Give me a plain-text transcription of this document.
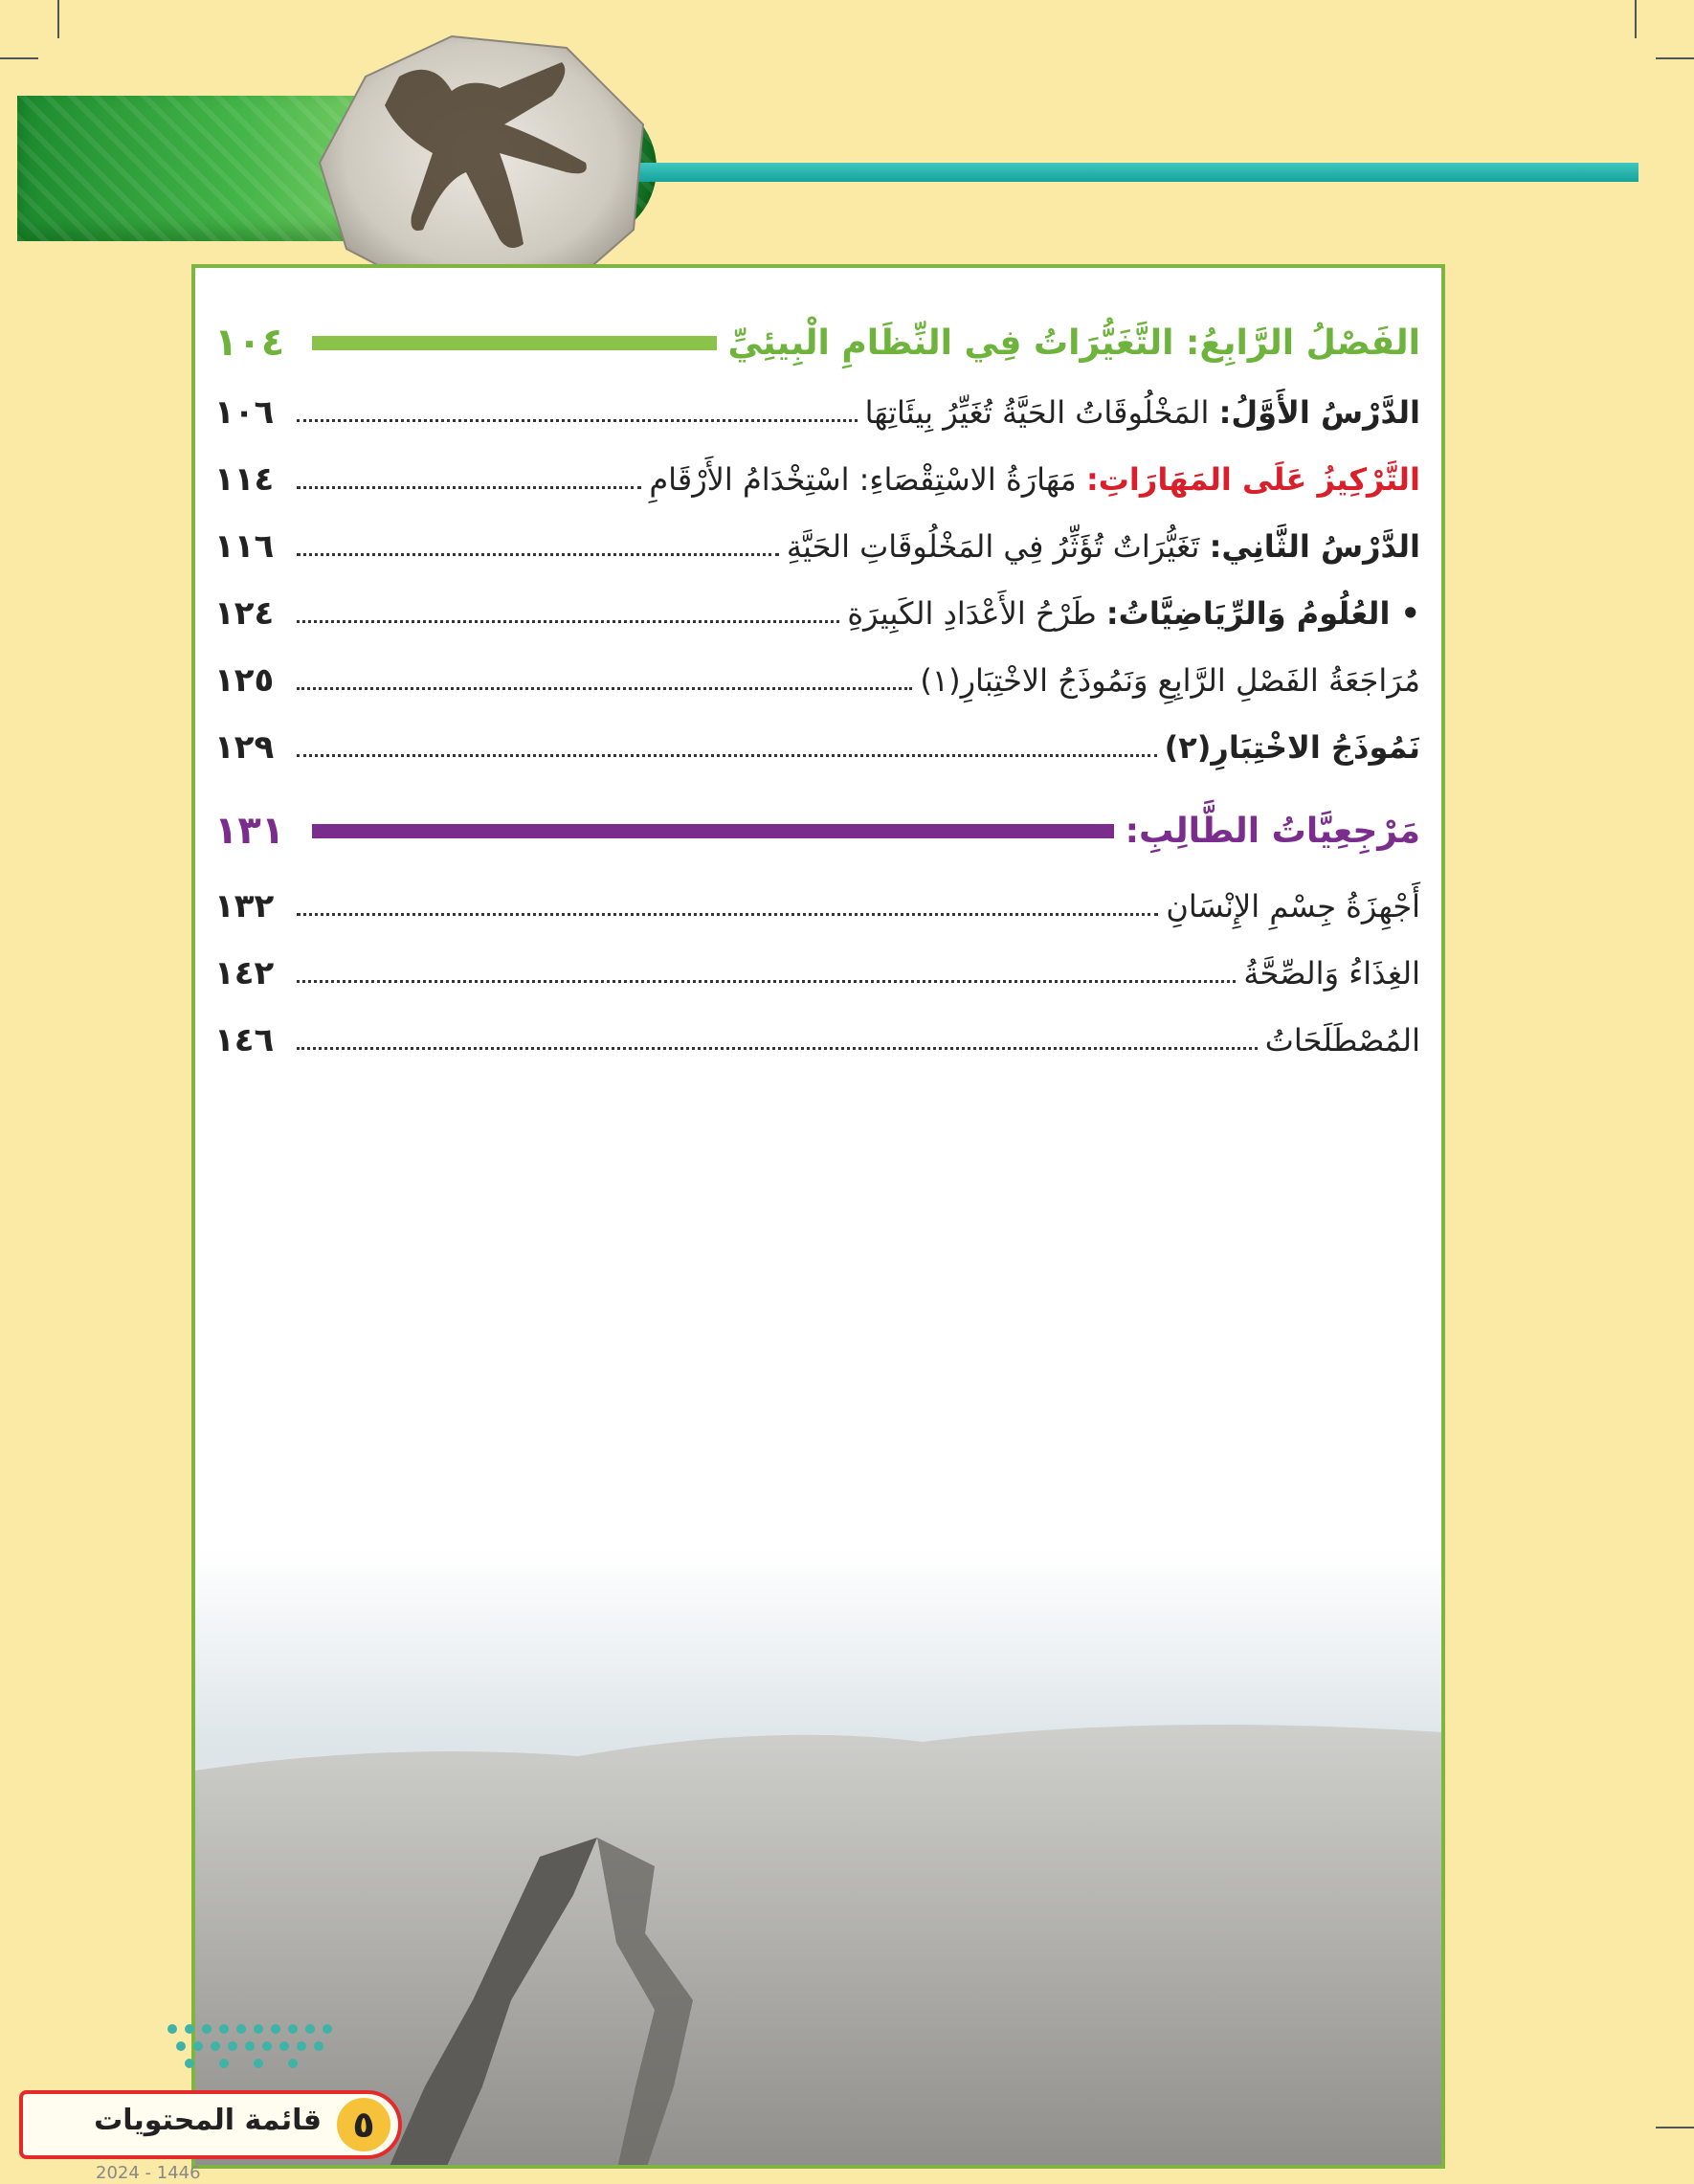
الفَصْلُ الرَّابِعُ: التَّغَيُّرَاتُ فِي النِّظَامِ الْبِيئِيِّ
١٠٤
الدَّرْسُ الأَوَّلُ: المَخْلُوقَاتُ الحَيَّةُ تُغَيِّرُ بِيئَاتِهَا
١٠٦
التَّرْكِيزُ عَلَى المَهَارَاتِ: مَهَارَةُ الاسْتِقْصَاءِ: اسْتِخْدَامُ الأَرْقَامِ
١١٤
الدَّرْسُ الثَّانِي: تَغَيُّرَاتٌ تُؤَثِّرُ فِي المَخْلُوقَاتِ الحَيَّةِ
١١٦
• العُلُومُ وَالرِّيَاضِيَّاتُ: طَرْحُ الأَعْدَادِ الكَبِيرَةِ
١٢٤
مُرَاجَعَةُ الفَصْلِ الرَّابِعِ وَنَمُوذَجُ الاخْتِبَارِ(١)
١٢٥
نَمُوذَجُ الاخْتِبَارِ(٢)
١٢٩
مَرْجِعِيَّاتُ الطَّالِبِ:
١٣١
أَجْهِزَةُ جِسْمِ الإِنْسَانِ
١٣٢
الغِذَاءُ وَالصِّحَّةُ
١٤٢
المُصْطَلَحَاتُ
١٤٦
قائمة المحتويات ٥
2024 - 1446
